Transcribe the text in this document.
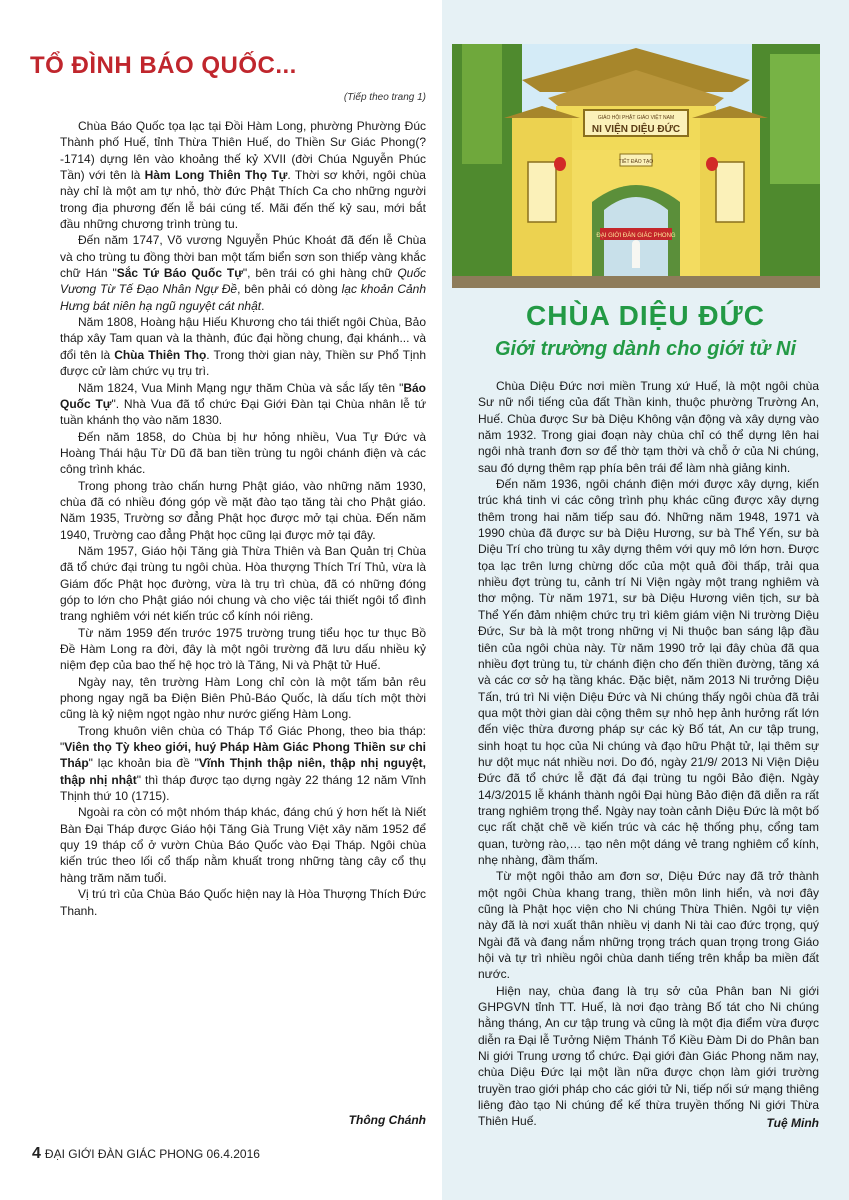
TỔ ĐÌNH BÁO QUỐC...

(Tiếp theo trang 1)

Chùa Báo Quốc tọa lạc tại Đồi Hàm Long, phường Phường Đúc Thành phố Huế, tỉnh Thừa Thiên Huế, do Thiền Sư Giác Phong(?-1714) dựng lên vào khoảng thế kỷ XVII (đời Chúa Nguyễn Phúc Tần) với tên là Hàm Long Thiên Thọ Tự. Thời sơ khởi, ngôi chùa này chỉ là một am tự nhỏ, thờ đức Phật Thích Ca cho những người trong địa phương đến lễ bái cúng tế. Mãi đến thế kỷ sau, mới bắt đầu những chương trình trùng tu.

Đến năm 1747, Võ vương Nguyễn Phúc Khoát đã đến lễ Chùa và cho trùng tu đồng thời ban một tấm biển sơn son thiếp vàng khắc chữ Hán "Sắc Tứ Báo Quốc Tự", bên trái có ghi hàng chữ Quốc Vương Từ Tế Đạo Nhân Ngự Đề, bên phải có dòng lạc khoản Cảnh Hưng bát niên hạ ngũ nguyệt cát nhật.

Năm 1808, Hoàng hậu Hiếu Khương cho tái thiết ngôi Chùa, Bảo tháp xây Tam quan và la thành, đúc đại hồng chung, đại khánh... và đổi tên là Chùa Thiên Thọ. Trong thời gian này, Thiền sư Phổ Tịnh được cử làm chức vụ trụ trì.

Năm 1824, Vua Minh Mạng ngự thăm Chùa và sắc lấy tên "Báo Quốc Tự". Nhà Vua đã tổ chức Đại Giới Đàn tại Chùa nhân lễ tứ tuần khánh thọ vào năm 1830.

Đến năm 1858, do Chùa bị hư hỏng nhiều, Vua Tự Đức và Hoàng Thái hậu Từ Dũ đã ban tiền trùng tu ngôi chánh điện và các công trình khác.

Trong phong trào chấn hưng Phật giáo, vào những năm 1930, chùa đã có nhiều đóng góp về mặt đào tạo tăng tài cho Phật giáo. Năm 1935, Trường sơ đẳng Phật học được mở tại chùa. Đến năm 1940, Trường cao đẳng Phật học cũng lại được mở tại đây.

Năm 1957, Giáo hội Tăng già Thừa Thiên và Ban Quản trị Chùa đã tổ chức đại trùng tu ngôi chùa. Hòa thượng Thích Trí Thủ, vừa là Giám đốc Phật học đường, vừa là trụ trì chùa, đã có những đóng góp to lớn cho Phật giáo nói chung và cho việc tái thiết ngôi tổ đình trang nghiêm với nét kiến trúc cổ kính nói riêng.

Từ năm 1959 đến trước 1975 trường trung tiểu học tư thục Bồ Đề Hàm Long ra đời, đây là một ngôi trường đã lưu dấu nhiều kỷ niệm đẹp của bao thế hệ học trò là Tăng, Ni và Phật tử Huế.

Ngày nay, tên trường Hàm Long chỉ còn là một tấm bản rêu phong ngay ngã ba Điện Biên Phủ-Báo Quốc, là dấu tích một thời cũng là kỷ niệm ngọt ngào như nước giếng Hàm Long.

Trong khuôn viên chùa có Tháp Tổ Giác Phong, theo bia tháp: "Viên thọ Tỳ kheo giới, huý Pháp Hàm Giác Phong Thiền sư chi Tháp" lạc khoản bia đề "Vĩnh Thịnh thập niên, thập nhị nguyệt, thập nhị nhật" thì tháp được tạo dựng ngày 22 tháng 12 năm Vĩnh Thịnh thứ 10 (1715).

Ngoài ra còn có một nhóm tháp khác, đáng chú ý hơn hết là Niết Bàn Đại Tháp được Giáo hội Tăng Già Trung Việt xây năm 1952 để quy 19 tháp cổ ở vườn Chùa Báo Quốc vào Đại Tháp. Ngôi chùa kiến trúc theo lối cổ thấp nằm khuất trong những tàng cây cổ thụ hàng trăm năm tuổi.

Vị trú trì của Chùa Báo Quốc hiện nay là Hòa Thượng Thích Đức Thanh.

Thông Chánh

4 ĐẠI GIỚI ĐÀN GIÁC PHONG 06.4.2016

GIÁO HỘI PHẬT GIÁO VIỆT NAM
NI VIỆN DIỆU ĐỨC
TIẾT ĐÀO TẠO
ĐẠI GIỚI ĐÀN GIÁC PHONG
CHÙA DIỆU ĐỨC

Giới trường dành cho giới tử Ni

Chùa Diệu Đức nơi miền Trung xứ Huế, là một ngôi chùa Sư nữ nổi tiếng của đất Thần kinh, thuộc phường Trường An, Huế. Chùa được Sư bà Diệu Không vận động và xây dựng vào năm 1932. Trong giai đoạn này chùa chỉ có thể dựng lên hai ngôi nhà tranh đơn sơ để thờ tạm thời và chỗ ở của Ni chúng, sau đó dựng thêm rạp phía bên trái để làm nhà giảng kinh.

Đến năm 1936, ngôi chánh điện mới được xây dựng, kiến trúc khá tinh vi các công trình phụ khác cũng được xây dựng thêm trong hai năm tiếp sau đó. Những năm 1948, 1971 và 1990 chùa đã được sư bà Diệu Hương, sư bà Thể Yến, sư bà Diệu Trí cho trùng tu xây dựng thêm với quy mô lớn hơn. Được tọa lạc trên lưng chừng dốc của một quả đồi thấp, trải qua nhiều đợt trùng tu, cảnh trí Ni Viện ngày một trang nghiêm và thơ mộng. Từ năm 1971, sư bà Diệu Hương viên tịch, sư bà Thể Yến đảm nhiệm chức trụ trì kiêm giám viện Ni trường Diệu Đức, Sư bà là một trong những vị Ni thuộc ban sáng lập đầu tiên của ngôi chùa này. Từ năm 1990 trở lại đây chùa đã qua nhiều đợt trùng tu, từ chánh điện cho đến thiền đường, tăng xá và các cơ sở hạ tầng khác. Đặc biệt, năm 2013 Ni trưởng Diệu Tấn, trú trì Ni viện Diệu Đức và Ni chúng thấy ngôi chùa đã trải qua một thời gian dài cộng thêm sự nhỏ hẹp ảnh hưởng rất lớn đến việc thừa đương pháp sự các kỳ Bố tát, An cư tập trung, sinh hoạt tu học của Ni chúng và đạo hữu Phật tử, lại thêm sự hư dột mục nát nhiều nơi. Do đó, ngày 21/9/ 2013 Ni Viện Diệu Đức đã tổ chức lễ đặt đá đại trùng tu ngôi Bảo điện. Ngày 14/3/2015 lễ khánh thành ngôi Đại hùng Bảo điện đã diễn ra rất trang nghiêm trọng thể. Ngày nay toàn cảnh Diệu Đức là một bố cục rất chặt chẽ về kiến trúc và các hệ thống phụ, cổng tam quan, tường rào,… tạo nên một dáng vẻ trang nghiêm cổ kính, nhẹ nhàng, đầm thấm.

Từ một ngôi thảo am đơn sơ, Diệu Đức nay đã trở thành một ngôi Chùa khang trang, thiền môn linh hiển, và nơi đây cũng là Phật học viện cho Ni chúng Thừa Thiên. Ngôi tự viện này đã là nơi xuất thân nhiều vị danh Ni tài cao đức trọng, quý Ngài đã và đang nắm những trọng trách quan trọng trong Giáo hội và tự trì nhiều ngôi chùa danh tiếng trên khắp ba miền đất nước.

Hiện nay, chùa đang là trụ sở của Phân ban Ni giới GHPGVN tỉnh TT. Huế, là nơi đạo tràng Bố tát cho Ni chúng hằng tháng, An cư tập trung và cũng là một địa điểm vừa được diễn ra Đại lễ Tưởng Niệm Thánh Tổ Kiều Đàm Di do Phân ban Ni giới Trung ương tổ chức. Đại giới đàn Giác Phong năm nay, chùa Diệu Đức lại một lần nữa được chọn làm giới trường truyền trao giới pháp cho các giới tử Ni, tiếp nối sứ mạng thiêng liêng đào tạo Ni chúng để kế thừa truyền thống Ni giới Thừa Thiên Huế.	Tuệ Minh
